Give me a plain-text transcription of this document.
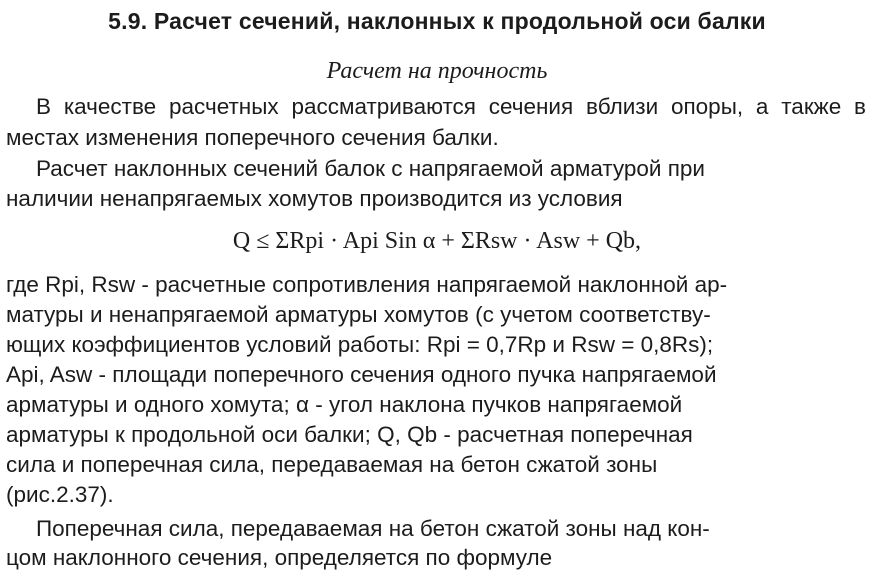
5.9. Расчет сечений, наклонных к продольной оси балки
Расчет на прочность

В качестве расчетных рассматриваются сечения вблизи опоры, а также в местах изменения поперечного сечения балки.

Расчет наклонных сечений балок с напрягаемой арматурой при
наличии ненапрягаемых хомутов производится из условия
Q ≤ ΣRpi · Api Sin α + ΣRsw · Asw + Qb,
где Rpi, Rsw - расчетные сопротивления напрягаемой наклонной ар-
матуры и ненапрягаемой арматуры хомутов (с учетом соответству-
ющих коэффициентов условий работы: Rpi = 0,7Rp и Rsw = 0,8Rs);
Api, Asw - площади поперечного сечения одного пучка напрягаемой
арматуры и одного хомута; α - угол наклона пучков напрягаемой
арматуры к продольной оси балки; Q, Qb - расчетная поперечная
сила и поперечная сила, передаваемая на бетон сжатой зоны
(рис.2.37).
Поперечная сила, передаваемая на бетон сжатой зоны над кон-
цом наклонного сечения, определяется по формуле
